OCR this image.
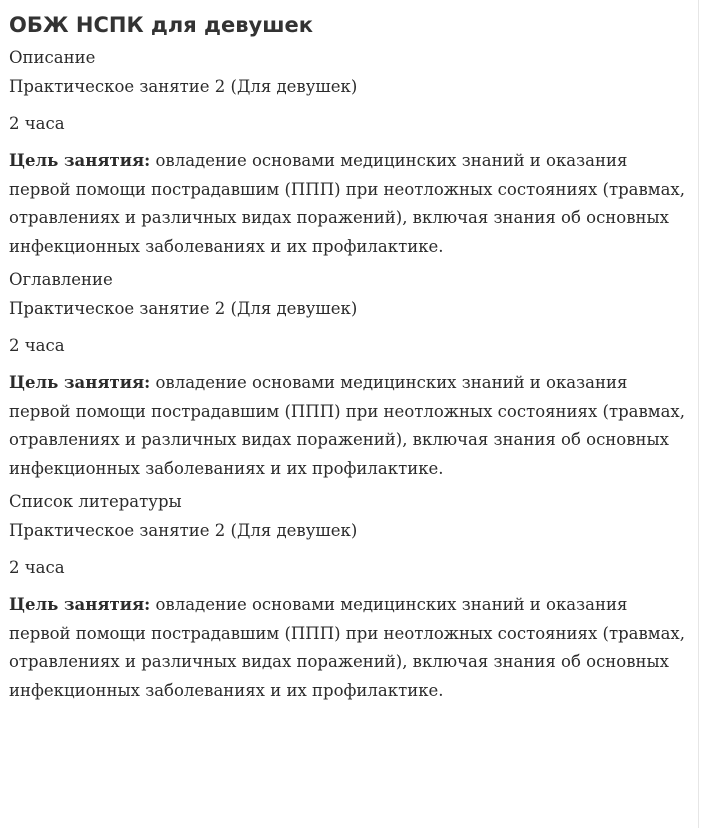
ОБЖ НСПК для девушек

Описание

Практическое занятие 2 (Для девушек)

2 часа

Цель занятия: овладение основами медицинских знаний и оказания первой помощи пострадавшим (ППП) при неотложных состояниях (травмах, отравлениях и различных видах поражений), включая знания об основных инфекционных заболеваниях и их профилактике.

Оглавление

Практическое занятие 2 (Для девушек)

2 часа

Цель занятия: овладение основами медицинских знаний и оказания первой помощи пострадавшим (ППП) при неотложных состояниях (травмах, отравлениях и различных видах поражений), включая знания об основных инфекционных заболеваниях и их профилактике.

Список литературы

Практическое занятие 2 (Для девушек)

2 часа

Цель занятия: овладение основами медицинских знаний и оказания первой помощи пострадавшим (ППП) при неотложных состояниях (травмах, отравлениях и различных видах поражений), включая знания об основных инфекционных заболеваниях и их профилактике.
